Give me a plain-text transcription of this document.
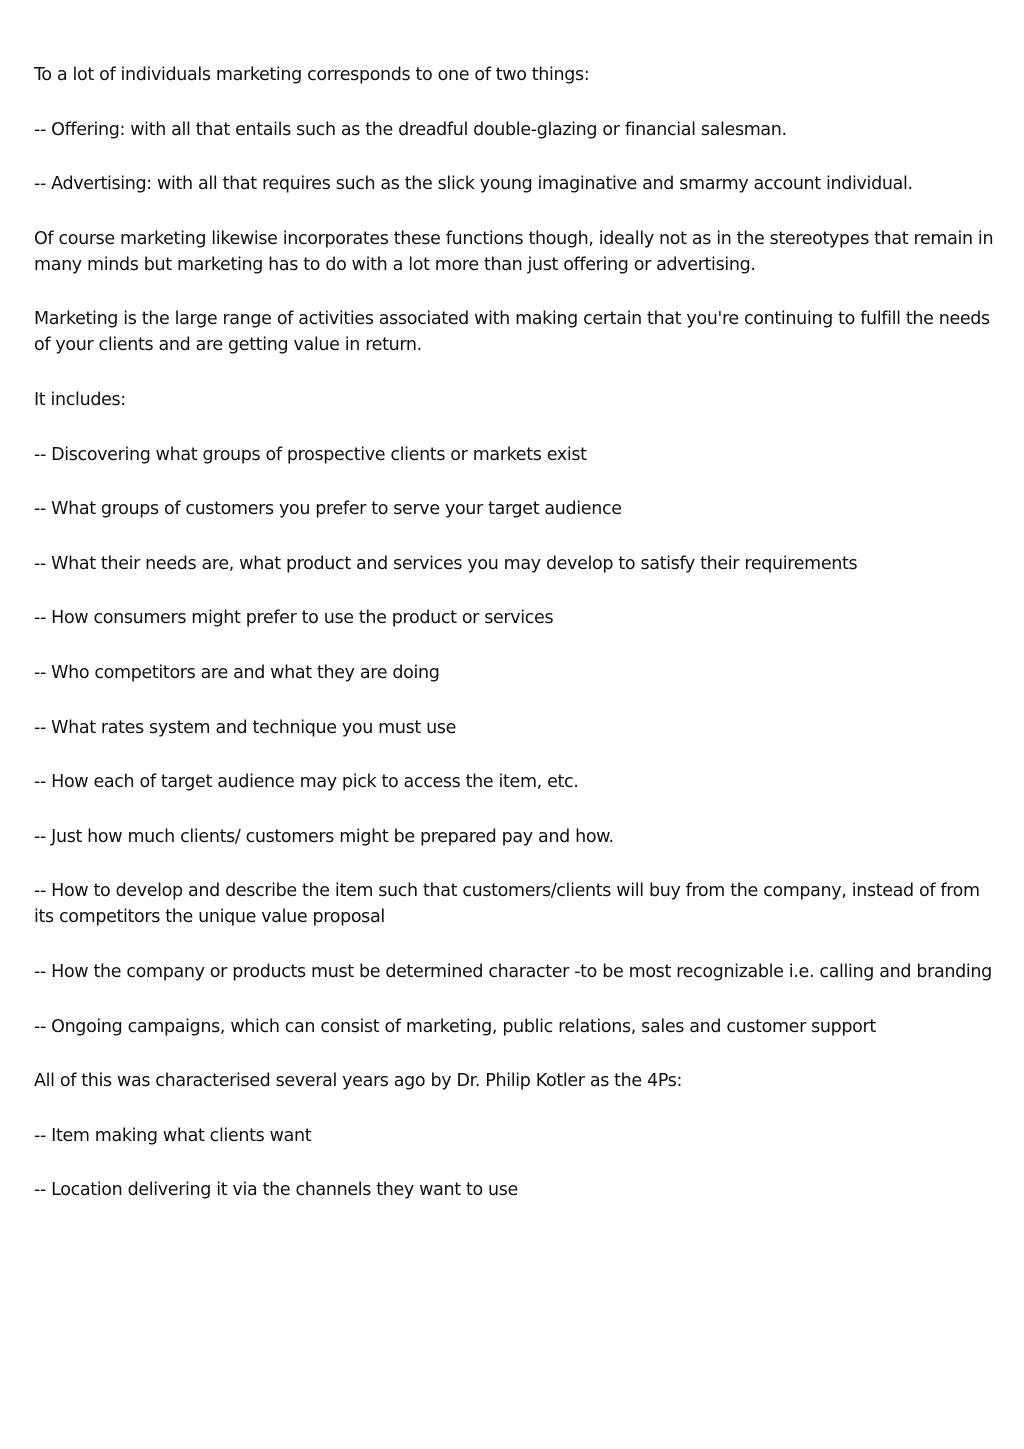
To a lot of individuals marketing corresponds to one of two things:

-- Offering: with all that entails such as the dreadful double-glazing or financial salesman.

-- Advertising: with all that requires such as the slick young imaginative and smarmy account individual.

Of course marketing likewise incorporates these functions though, ideally not as in the stereotypes that remain in many minds but marketing has to do with a lot more than just offering or advertising.

Marketing is the large range of activities associated with making certain that you're continuing to fulfill the needs of your clients and are getting value in return.

It includes:

-- Discovering what groups of prospective clients or markets exist

-- What groups of customers you prefer to serve your target audience

-- What their needs are, what product and services you may develop to satisfy their requirements

-- How consumers might prefer to use the product or services

-- Who competitors are and what they are doing

-- What rates system and technique you must use

-- How each of target audience may pick to access the item, etc.

-- Just how much clients/ customers might be prepared pay and how.

-- How to develop and describe the item such that customers/clients will buy from the company, instead of from its competitors the unique value proposal

-- How the company or products must be determined character -to be most recognizable i.e. calling and branding

-- Ongoing campaigns, which can consist of marketing, public relations, sales and customer support

All of this was characterised several years ago by Dr. Philip Kotler as the 4Ps:

-- Item making what clients want

-- Location delivering it via the channels they want to use
